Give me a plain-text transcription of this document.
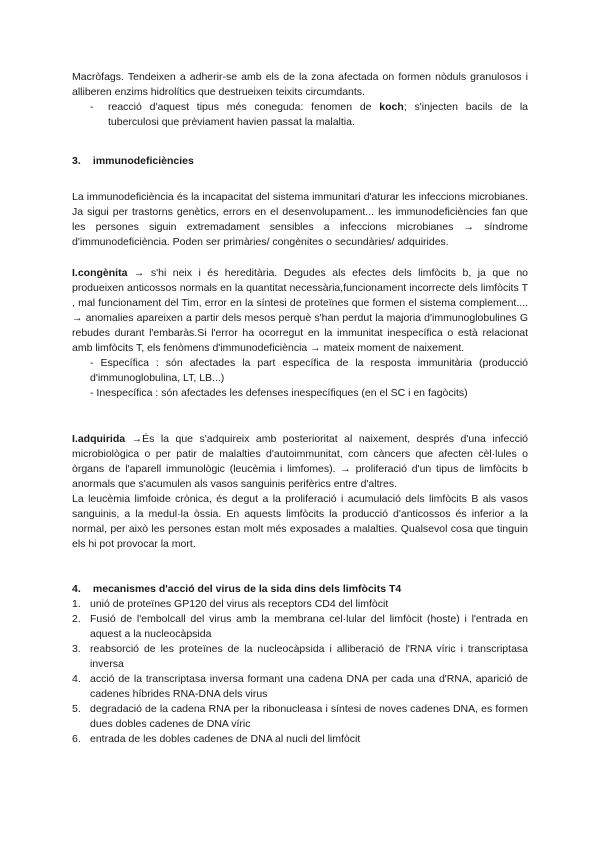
Macròfags. Tendeixen a adherir-se amb els de la zona afectada on formen nòduls granulosos i alliberen enzims hidrolítics que destrueixen teixits circumdants.

-	reacció d'aquest tipus més coneguda: fenomen de koch; s'injecten bacils de la tuberculosi que prèviament havien passat la malaltia.
3. immunodeficiències

La immunodeficiència és la incapacitat del sistema immunitari d'aturar les infeccions microbianes. Ja sigui per trastorns genètics, errors en el desenvolupament... les immunodeficiències fan que les persones siguin extremadament sensibles a infeccions microbianes → síndrome d'immunodeficiència. Poden ser primàries/ congènites o secundàries/ adquirides.

I.congènita → s'hi neix i és hereditària. Degudes als efectes dels limfòcits b, ja que no produeixen anticossos normals en la quantitat necessària,funcionament incorrecte dels limfòcits T , mal funcionament del Tim, error en la síntesi de proteïnes que formen el sistema complement.... → anomalies apareixen a partir dels mesos perquè s'han perdut la majoria d'immunoglobulines G rebudes durant l'embaràs.Si l'error ha ocorregut en la immunitat inespecífica o està relacionat amb limfòcits T, els fenòmens d'immunodeficiència → mateix moment de naixement.

- Específica : són afectades la part específica de la resposta immunitària (producció d'immunoglobulina, LT, LB...)

- Inespecífica : són afectades les defenses inespecífiques (en el SC i en fagòcits)

I.adquirida →És la que s'adquireix amb posterioritat al naixement, després d'una infecció microbiològica o per patir de malalties d'autoimmunitat, com càncers que afecten cèl·lules o òrgans de l'aparell immunològic (leucèmia i limfomes). → proliferació d'un tipus de limfòcits b anormals que s'acumulen als vasos sanguinis perifèrics entre d'altres.

La leucèmia limfoide crònica, és degut a la proliferació i acumulació dels limfòcits B als vasos sanguinis, a la medul·la òssia. En aquests limfòcits la producció d'anticossos és inferior a la normal, per això les persones estan molt més exposades a malalties. Qualsevol cosa que tinguin els hi pot provocar la mort.

4. mecanismes d'acció del virus de la sida dins dels limfòcits T4
1. unió de proteïnes GP120 del virus als receptors CD4 del limfòcit
2. Fusió de l'embolcall del virus amb la membrana cel·lular del limfòcit (hoste) i l'entrada en aquest a la nucleocàpsida
3. reabsorció de les proteïnes de la nucleocàpsida i alliberació de l'RNA víric i transcriptasa inversa
4. acció de la transcriptasa inversa formant una cadena DNA per cada una d'RNA, aparició de cadenes híbrides RNA-DNA dels virus
5. degradació de la cadena RNA per la ribonucleasa i síntesi de noves cadenes DNA, es formen dues dobles cadenes de DNA víric
6. entrada de les dobles cadenes de DNA al nucli del limfòcit
